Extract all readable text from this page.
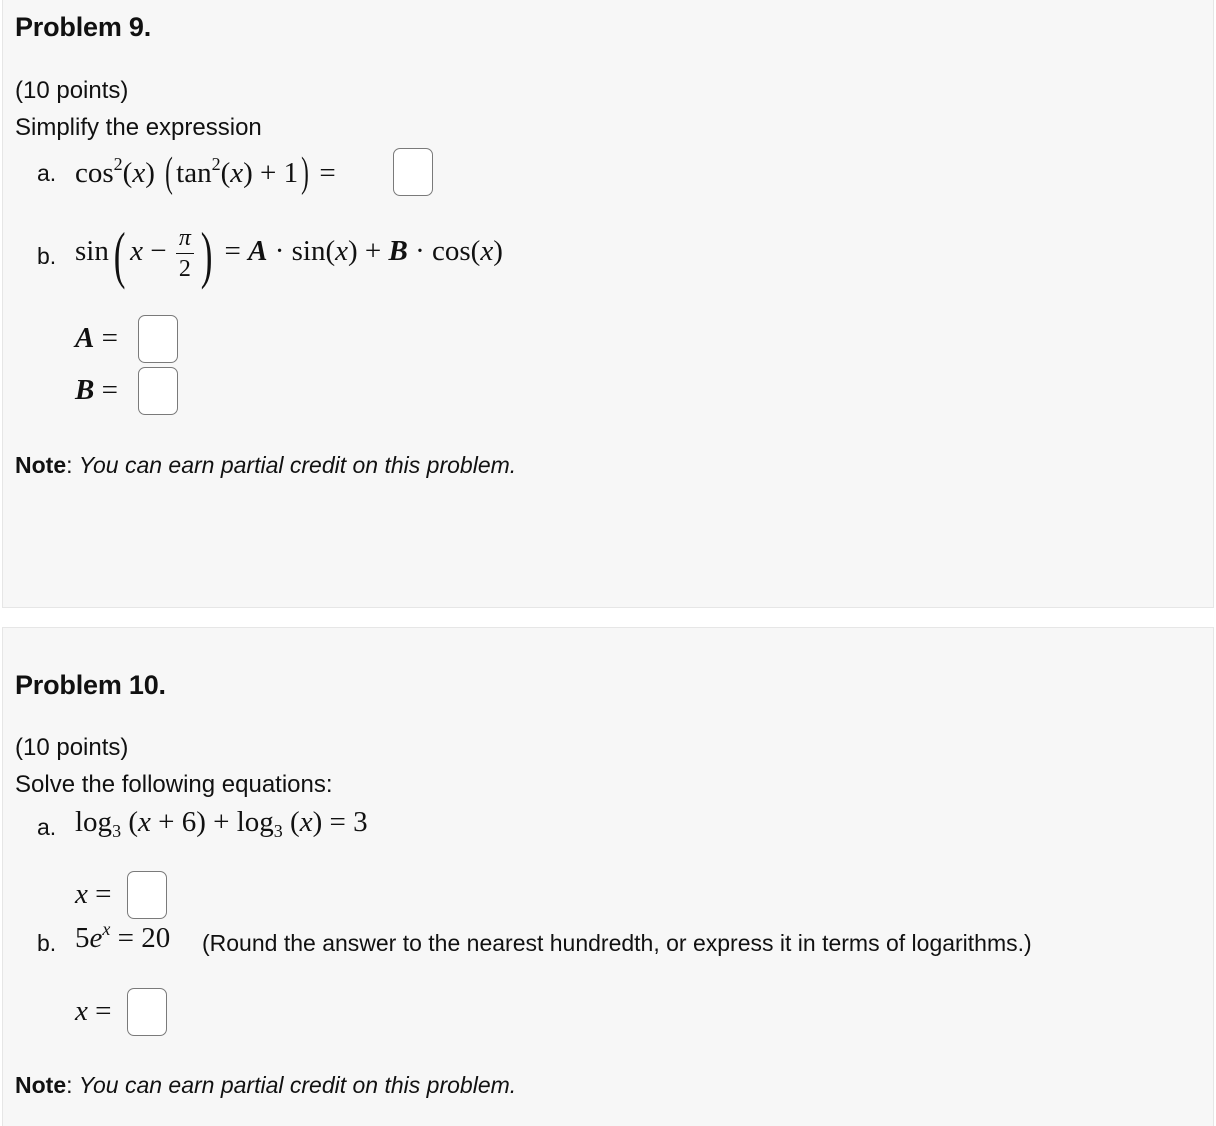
Problem 9.
(10 points)
Simplify the expression
a. $\cos^2(x)$ ( $\tan^2(x) + 1$) =
b. sin( $x - \frac{\pi}{2}$ ) = A · sin(x) + B · cos(x)
A =
B =
Note: You can earn partial credit on this problem.
Problem 10.
(10 points)
Solve the following equations:
a. $\log_3 (x + 6) + \log_3 (x) = 3$
x =
b. $5e^x = 20$ (Round the answer to the nearest hundredth, or express it in terms of logarithms.)
x =
Note: You can earn partial credit on this problem.
